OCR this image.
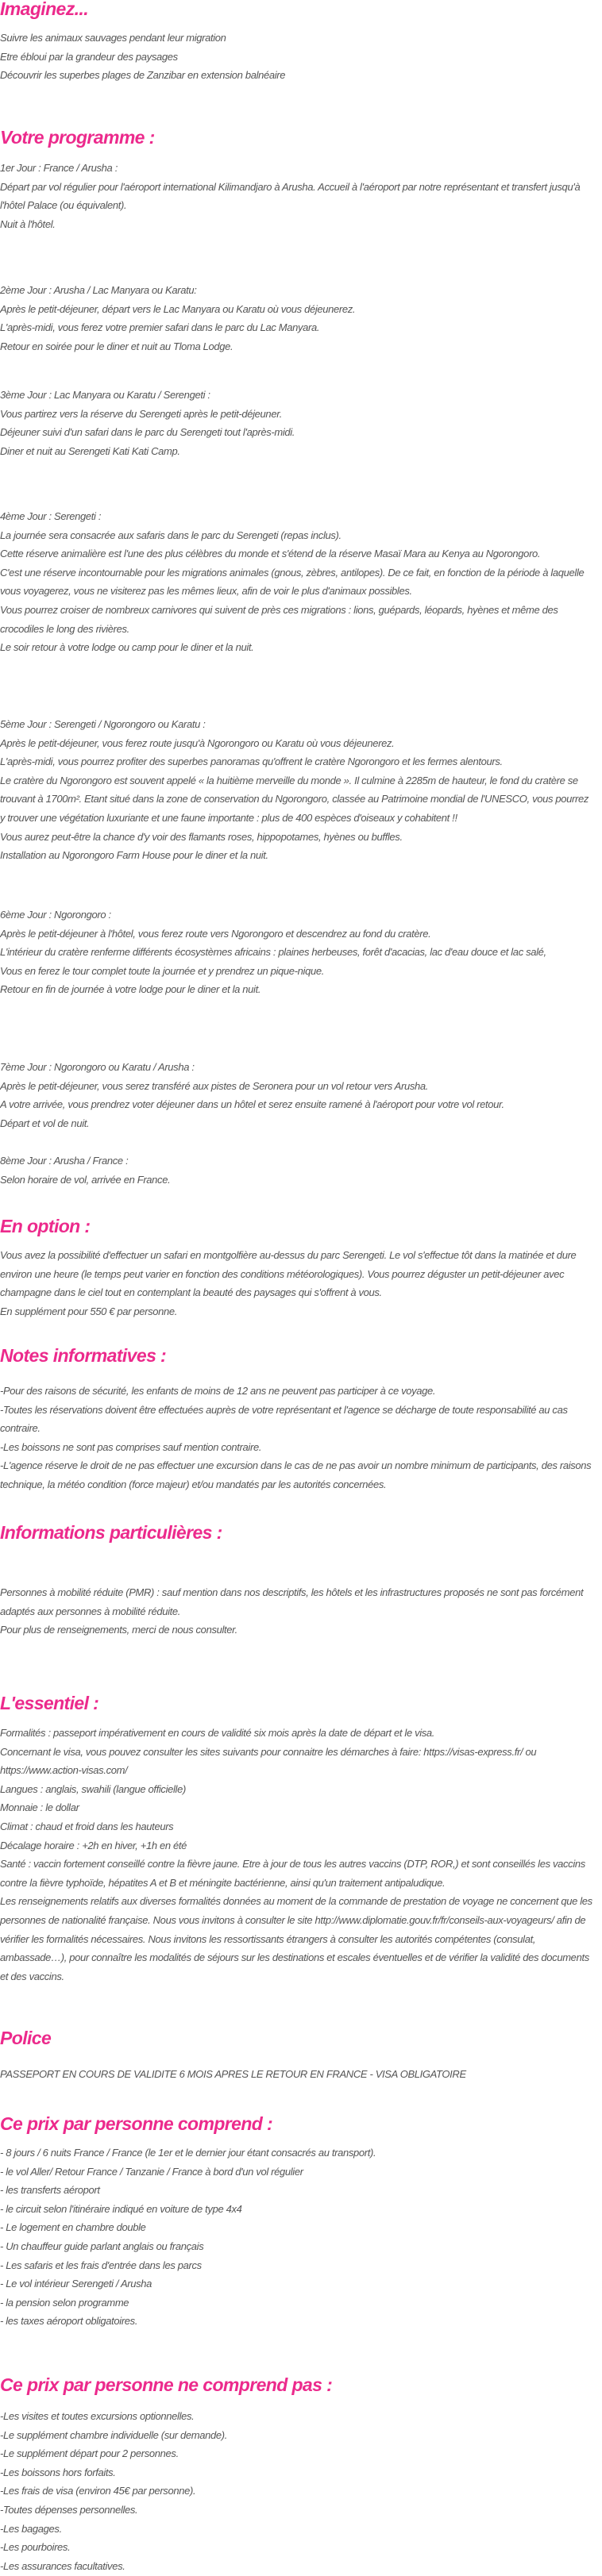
Imaginez...
Suivre les animaux sauvages pendant leur migration
Etre ébloui par la grandeur des paysages
Découvrir les superbes plages de Zanzibar en extension balnéaire
Votre programme :
1er Jour : France / Arusha :
Départ par vol régulier pour l'aéroport international Kilimandjaro à Arusha. Accueil à l'aéroport par notre représentant et transfert jusqu'à l'hôtel Palace (ou équivalent).
Nuit à l'hôtel.
2ème Jour : Arusha / Lac Manyara ou Karatu:
Après le petit-déjeuner, départ vers le Lac Manyara ou Karatu où vous déjeunerez.
L'après-midi, vous ferez votre premier safari dans le parc du Lac Manyara.
Retour en soirée pour le diner et nuit au Tloma Lodge.
3ème Jour : Lac Manyara ou Karatu / Serengeti :
Vous partirez vers la réserve du Serengeti après le petit-déjeuner.
Déjeuner suivi d'un safari dans le parc du Serengeti tout l'après-midi.
Diner et nuit au Serengeti Kati Kati Camp.
4ème Jour : Serengeti :
La journée sera consacrée aux safaris dans le parc du Serengeti (repas inclus).
Cette réserve animalière est l'une des plus célèbres du monde et s'étend de la réserve Masaï Mara au Kenya au Ngorongoro.
C'est une réserve incontournable pour les migrations animales (gnous, zèbres, antilopes). De ce fait, en fonction de la période à laquelle vous voyagerez, vous ne visiterez pas les mêmes lieux, afin de voir le plus d'animaux possibles.
Vous pourrez croiser de nombreux carnivores qui suivent de près ces migrations : lions, guépards, léopards, hyènes et même des crocodiles le long des rivières.
Le soir retour à votre lodge ou camp pour le diner et la nuit.
5ème Jour : Serengeti / Ngorongoro ou Karatu :
Après le petit-déjeuner, vous ferez route jusqu'à Ngorongoro ou Karatu où vous déjeunerez.
L'après-midi, vous pourrez profiter des superbes panoramas qu'offrent le cratère Ngorongoro et les fermes alentours.
Le cratère du Ngorongoro est souvent appelé « la huitième merveille du monde ». Il culmine à 2285m de hauteur, le fond du cratère se trouvant à 1700m². Etant situé dans la zone de conservation du Ngorongoro, classée au Patrimoine mondial de l'UNESCO, vous pourrez y trouver une végétation luxuriante et une faune importante : plus de 400 espèces d'oiseaux y cohabitent !!
Vous aurez peut-être la chance d'y voir des flamants roses, hippopotames, hyènes ou buffles.
Installation au Ngorongoro Farm House pour le diner et la nuit.
6ème Jour : Ngorongoro :
Après le petit-déjeuner à l'hôtel, vous ferez route vers Ngorongoro et descendrez au fond du cratère.
L'intérieur du cratère renferme différents écosystèmes africains : plaines herbeuses, forêt d'acacias, lac d'eau douce et lac salé,
Vous en ferez le tour complet toute la journée et y prendrez un pique-nique.
Retour en fin de journée à votre lodge pour le diner et la nuit.
7ème Jour : Ngorongoro ou Karatu / Arusha :
Après le petit-déjeuner, vous serez transféré aux pistes de Seronera pour un vol retour vers Arusha.
A votre arrivée, vous prendrez voter déjeuner dans un hôtel et serez ensuite ramené à l'aéroport pour votre vol retour.
Départ et vol de nuit.
8ème Jour : Arusha / France :
Selon horaire de vol, arrivée en France.
En option :
Vous avez la possibilité d'effectuer un safari en montgolfière au-dessus du parc Serengeti. Le vol s'effectue tôt dans la matinée et dure environ une heure (le temps peut varier en fonction des conditions météorologiques). Vous pourrez déguster un petit-déjeuner avec champagne dans le ciel tout en contemplant la beauté des paysages qui s'offrent à vous.
En supplément pour 550 € par personne.
Notes informatives :
-Pour des raisons de sécurité, les enfants de moins de 12 ans ne peuvent pas participer à ce voyage.
-Toutes les réservations doivent être effectuées auprès de votre représentant et l'agence se décharge de toute responsabilité au cas contraire.
-Les boissons ne sont pas comprises sauf mention contraire.
-L'agence réserve le droit de ne pas effectuer une excursion dans le cas de ne pas avoir un nombre minimum de participants, des raisons technique, la météo condition (force majeur) et/ou mandatés par les autorités concernées.
Informations particulières :
Personnes à mobilité réduite (PMR) : sauf mention dans nos descriptifs, les hôtels et les infrastructures proposés ne sont pas forcément adaptés aux personnes à mobilité réduite.
Pour plus de renseignements, merci de nous consulter.
L'essentiel :
Formalités : passeport impérativement en cours de validité six mois après la date de départ et le visa.
Concernant le visa, vous pouvez consulter les sites suivants pour connaitre les démarches à faire: https://visas-express.fr/ ou https://www.action-visas.com/
Langues : anglais, swahili (langue officielle)
Monnaie : le dollar
Climat : chaud et froid dans les hauteurs
Décalage horaire : +2h en hiver, +1h en été
Santé : vaccin fortement conseillé contre la fièvre jaune. Etre à jour de tous les autres vaccins (DTP, ROR,) et sont conseillés les vaccins contre la fièvre typhoïde, hépatites A et B et méningite bactérienne, ainsi qu'un traitement antipaludique.
Les renseignements relatifs aux diverses formalités données au moment de la commande de prestation de voyage ne concernent que les personnes de nationalité française. Nous vous invitons à consulter le site http://www.diplomatie.gouv.fr/fr/conseils-aux-voyageurs/ afin de vérifier les formalités nécessaires. Nous invitons les ressortissants étrangers à consulter les autorités compétentes (consulat, ambassade…), pour connaître les modalités de séjours sur les destinations et escales éventuelles et de vérifier la validité des documents et des vaccins.
Police
PASSEPORT EN COURS DE VALIDITE 6 MOIS APRES LE RETOUR EN FRANCE - VISA OBLIGATOIRE
Ce prix par personne comprend :
- 8 jours / 6 nuits France / France (le 1er et le dernier jour étant consacrés au transport).
- le vol Aller/ Retour France / Tanzanie / France à bord d'un vol régulier
- les transferts aéroport
- le circuit selon l'itinéraire indiqué en voiture de type 4x4
- Le logement en chambre double
- Un chauffeur guide parlant anglais ou français
- Les safaris et les frais d'entrée dans les parcs
- Le vol intérieur Serengeti / Arusha
- la pension selon programme
- les taxes aéroport obligatoires.
Ce prix par personne ne comprend pas :
-Les visites et toutes excursions optionnelles.
-Le supplément chambre individuelle (sur demande).
-Le supplément départ pour 2 personnes.
-Les boissons hors forfaits.
-Les frais de visa (environ 45€ par personne).
-Toutes dépenses personnelles.
-Les bagages.
-Les pourboires.
-Les assurances facultatives.
